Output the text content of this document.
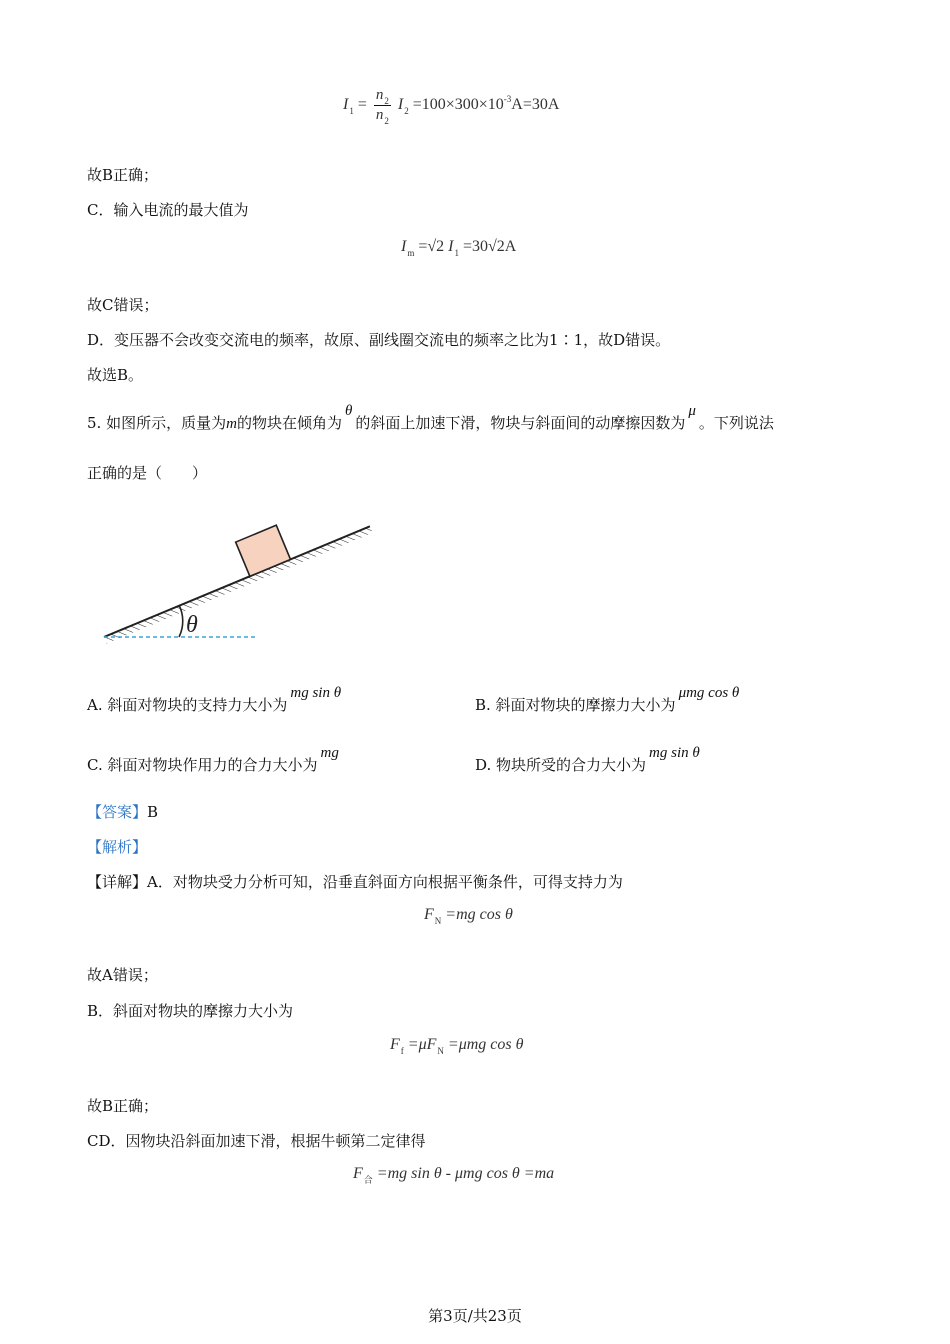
$I_1 = \frac{n_2}{n_2} I_2 =100\times 300\times 10^{-3}A=30A$
故B正确；
C．输入电流的最大值为
$I_m =√2$ $I_1 =30√2A$
故C错误；
D．变压器不会改变交流电的频率，故原、副线圈交流电的频率之比为1∶1，故D错误。
故选B。
5. 如图所示，质量为m的物块在倾角为θ的斜面上加速下滑，物块与斜面间的动摩擦因数为μ。下列说法
正确的是（　　）
θ
A. 斜面对物块的支持力大小为mg sin θ
B. 斜面对物块的摩擦力大小为μmg cos θ
C. 斜面对物块作用力的合力大小为mg
D. 物块所受的合力大小为mg sin θ
【答案】B
【解析】
【详解】A．对物块受力分析可知，沿垂直斜面方向根据平衡条件，可得支持力为
$F_N =mg$ cos θ
故A错误；
B．斜面对物块的摩擦力大小为
$F_f =\mu F_N =\mu mg$ cos θ
故B正确；
CD．因物块沿斜面加速下滑，根据牛顿第二定律得
$F_合 =mg$ sin θ - μmg cos θ =ma
第3页/共23页
